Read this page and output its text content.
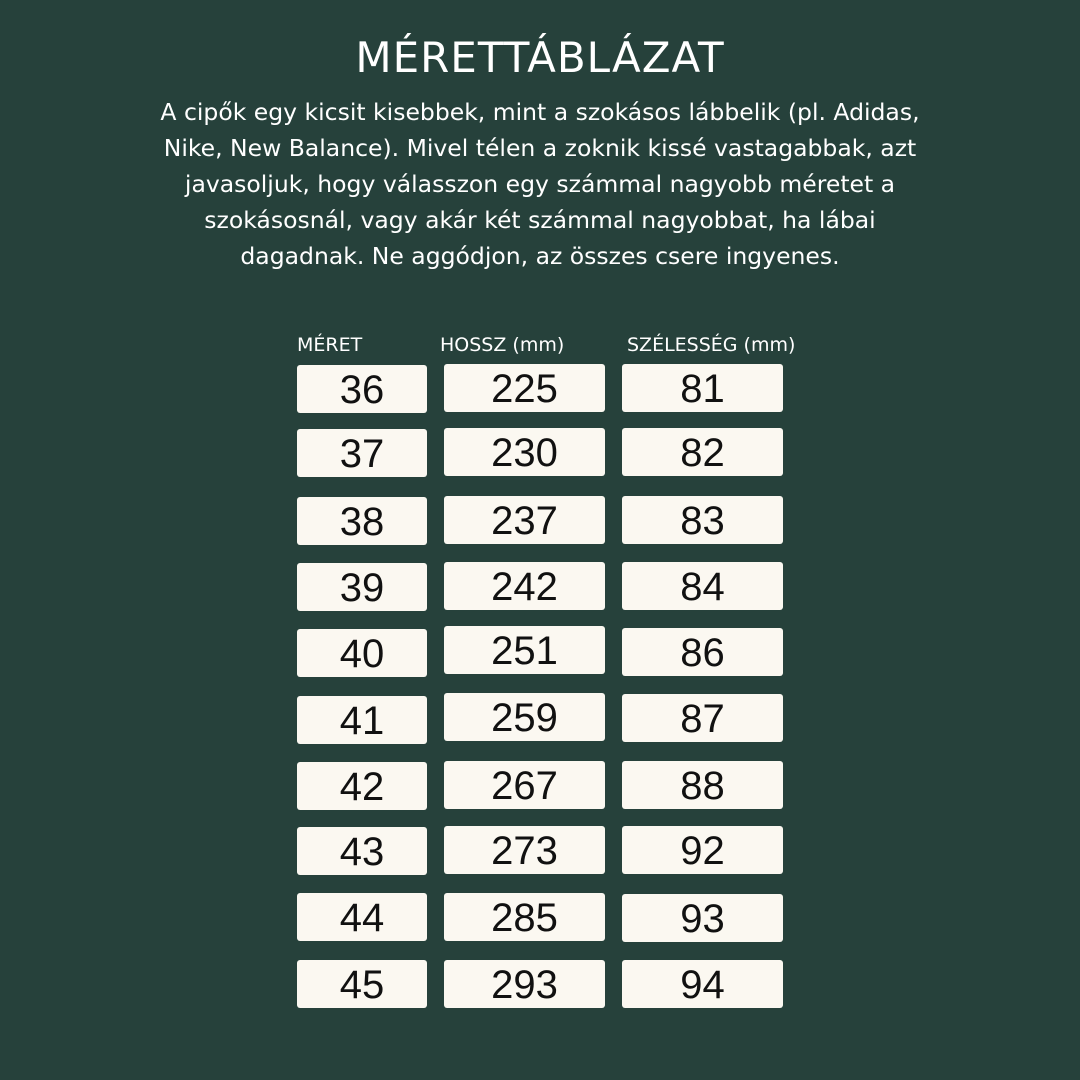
MÉRETTÁBLÁZAT

A cipők egy kicsit kisebbek, mint a szokásos lábbelik (pl. Adidas, Nike, New Balance). Mivel télen a zoknik kissé vastagabbak, azt javasoljuk, hogy válasszon egy számmal nagyobb méretet a szokásosnál, vagy akár két számmal nagyobbat, ha lábai dagadnak. Ne aggódjon, az összes csere ingyenes.

MÉRET	HOSSZ (mm)	SZÉLESSÉG (mm)
36	225	81
37	230	82
38	237	83
39	242	84
40	251	86
41	259	87
42	267	88
43	273	92
44	285	93
45	293	94
